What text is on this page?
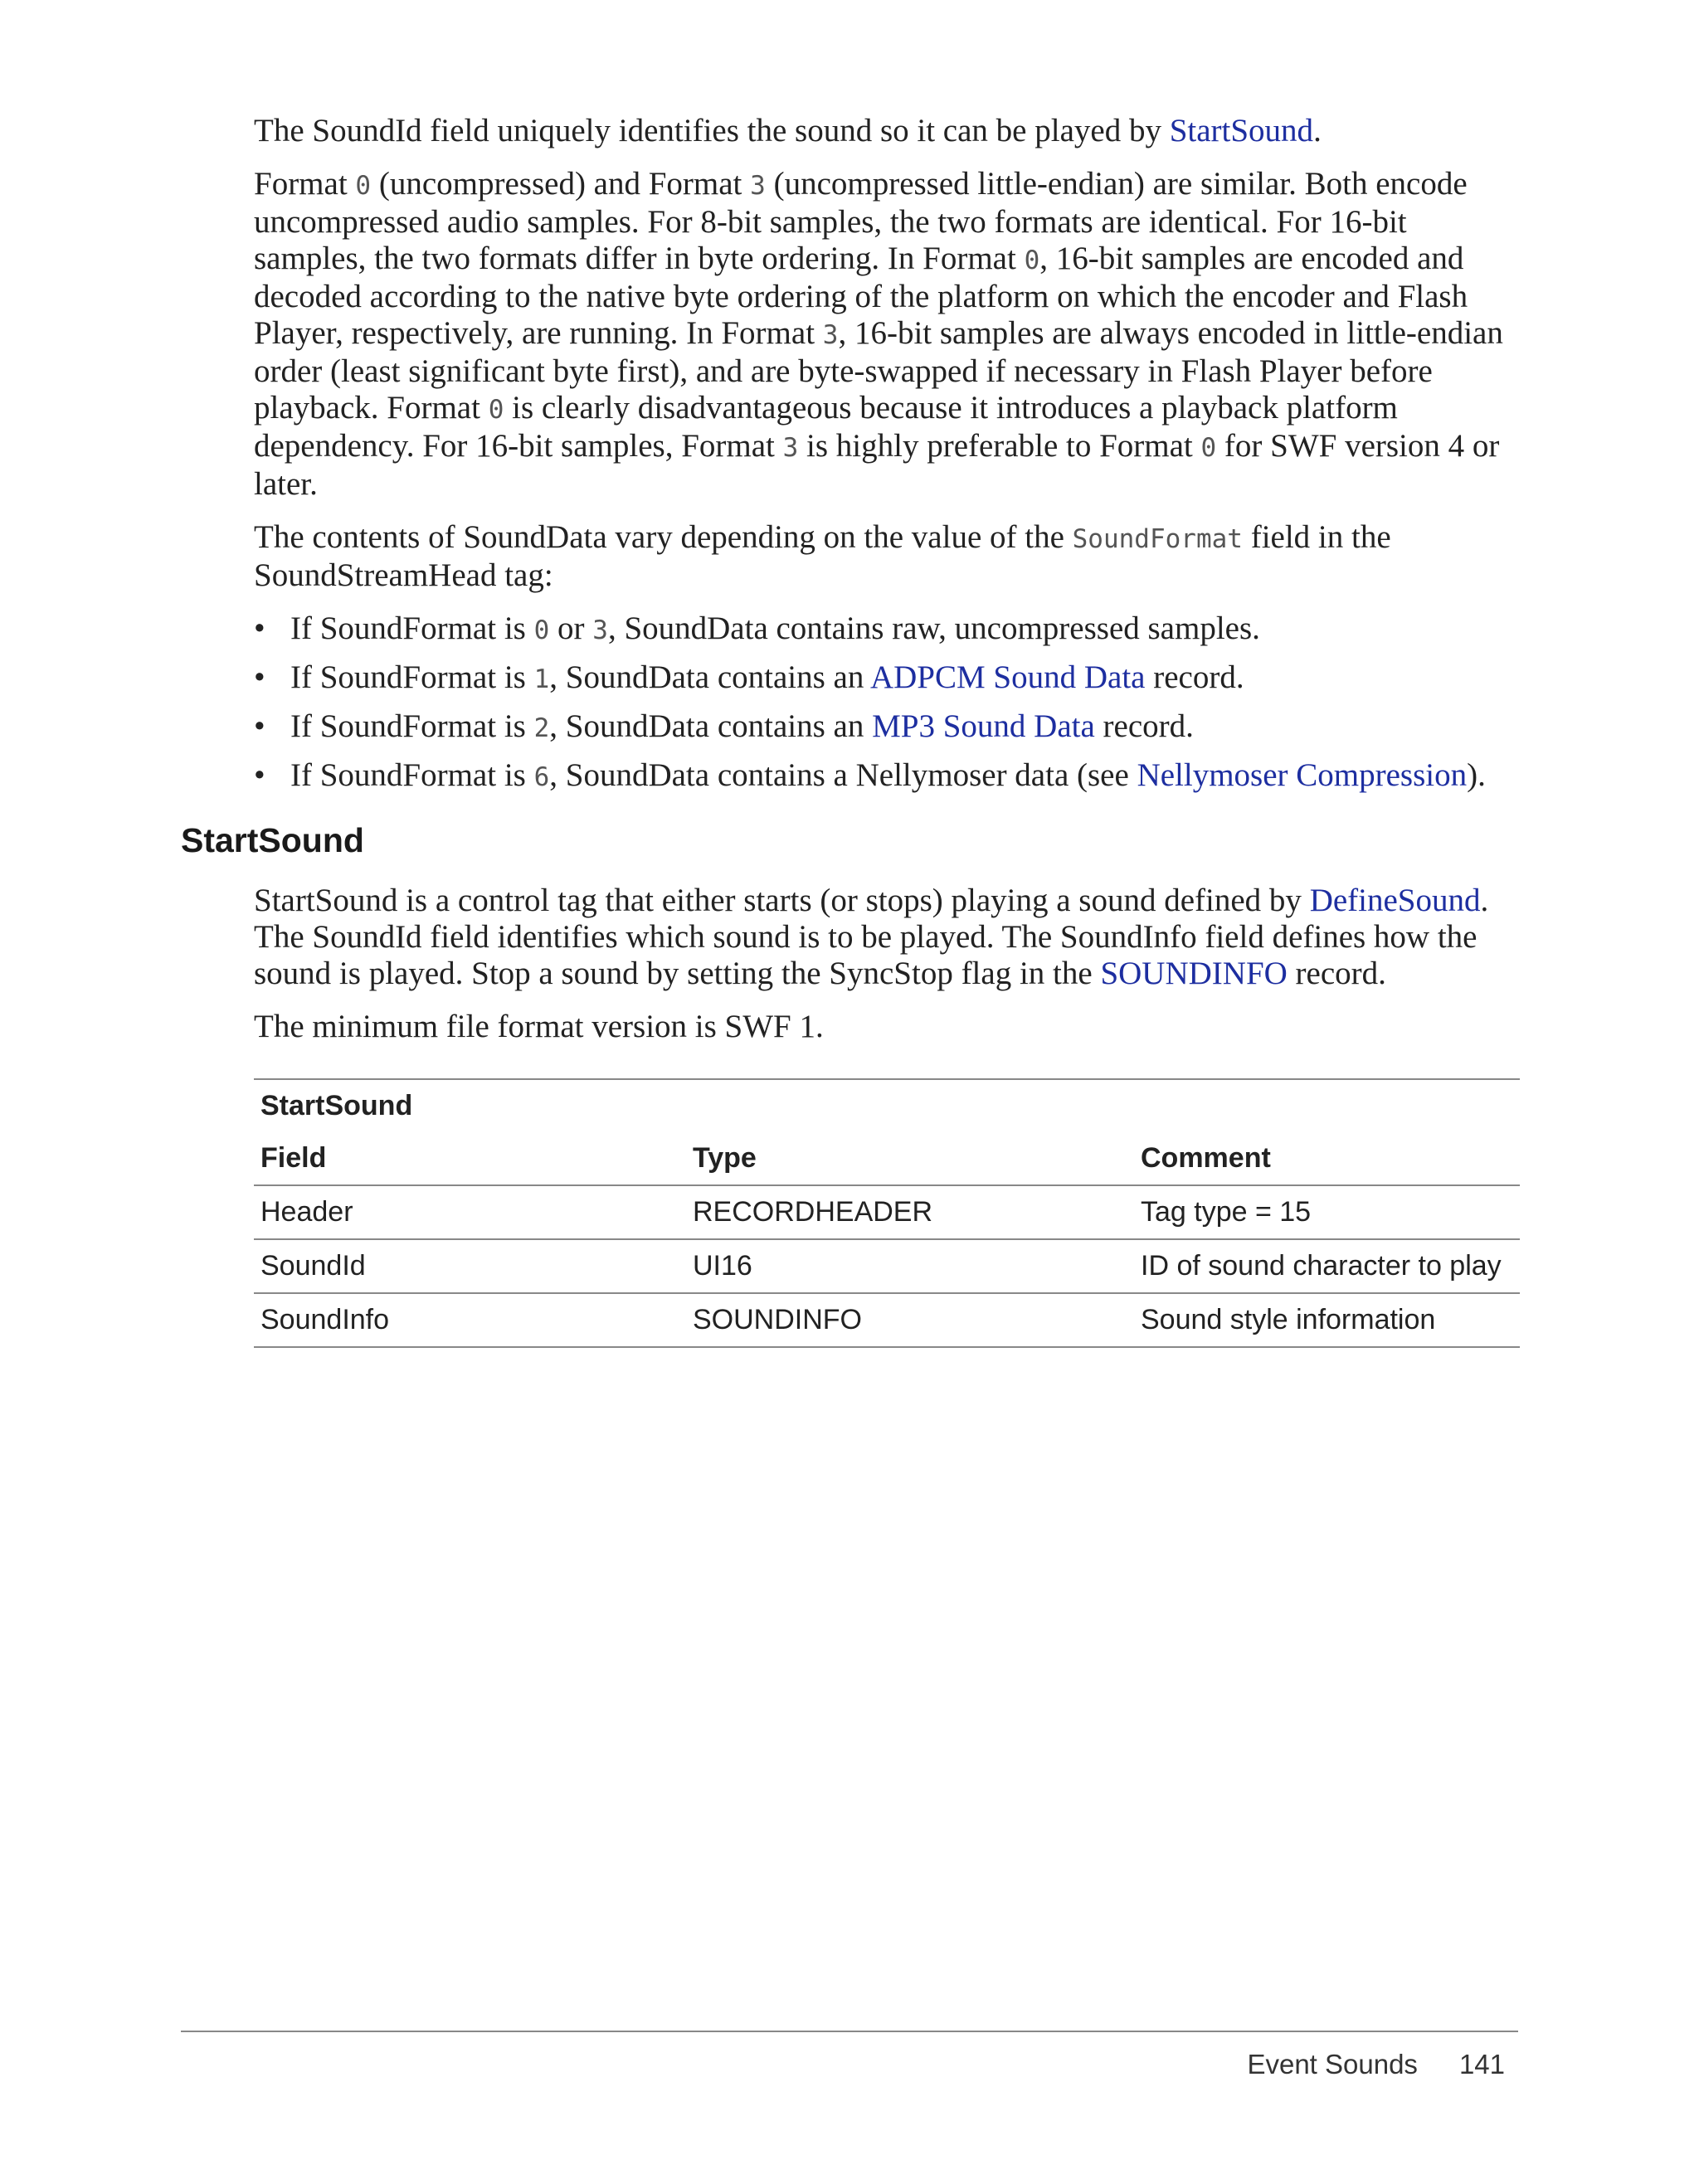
The SoundId field uniquely identifies the sound so it can be played by StartSound.

Format 0 (uncompressed) and Format 3 (uncompressed little-endian) are similar. Both encode uncompressed audio samples. For 8-bit samples, the two formats are identical. For 16-bit samples, the two formats differ in byte ordering. In Format 0, 16-bit samples are encoded and decoded according to the native byte ordering of the platform on which the encoder and Flash Player, respectively, are running. In Format 3, 16-bit samples are always encoded in little-endian order (least significant byte first), and are byte-swapped if necessary in Flash Player before playback. Format 0 is clearly disadvantageous because it introduces a playback platform dependency. For 16-bit samples, Format 3 is highly preferable to Format 0 for SWF version 4 or later.

The contents of SoundData vary depending on the value of the SoundFormat field in the SoundStreamHead tag:

• If SoundFormat is 0 or 3, SoundData contains raw, uncompressed samples.
• If SoundFormat is 1, SoundData contains an ADPCM Sound Data record.
• If SoundFormat is 2, SoundData contains an MP3 Sound Data record.
• If SoundFormat is 6, SoundData contains a Nellymoser data (see Nellymoser Compression).
StartSound

StartSound is a control tag that either starts (or stops) playing a sound defined by DefineSound. The SoundId field identifies which sound is to be played. The SoundInfo field defines how the sound is played. Stop a sound by setting the SyncStop flag in the SOUNDINFO record.

The minimum file format version is SWF 1.

StartSound		
Field	Type	Comment
Header	RECORDHEADER	Tag type = 15
SoundId	UI16	ID of sound character to play
SoundInfo	SOUNDINFO	Sound style information
Event Sounds 141
